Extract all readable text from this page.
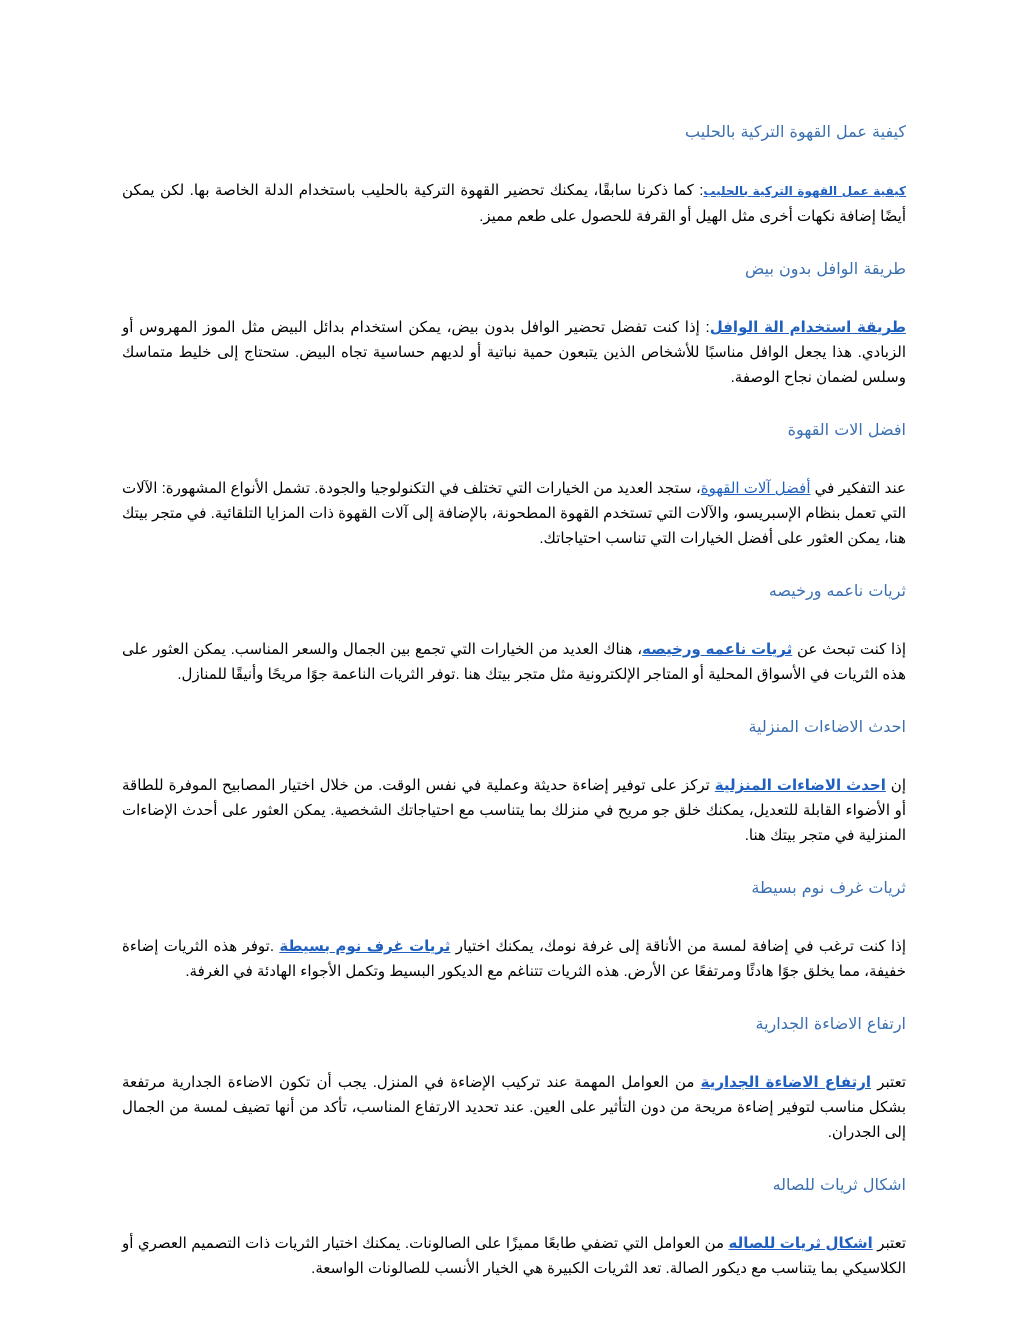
كيفية عمل القهوة التركية بالحليب

كيفية عمل القهوة التركية بالحليب: كما ذكرنا سابقًا، يمكنك تحضير القهوة التركية بالحليب باستخدام الدلة الخاصة بها. لكن يمكن أيضًا إضافة نكهات أخرى مثل الهيل أو القرفة للحصول على طعم مميز.

طريقة الوافل بدون بيض

طريقة استخدام الة الوافل: إذا كنت تفضل تحضير الوافل بدون بيض، يمكن استخدام بدائل البيض مثل الموز المهروس أو الزبادي. هذا يجعل الوافل مناسبًا للأشخاص الذين يتبعون حمية نباتية أو لديهم حساسية تجاه البيض. ستحتاج إلى خليط متماسك وسلس لضمان نجاح الوصفة.

افضل الات القهوة

عند التفكير في أفضل آلات القهوة، ستجد العديد من الخيارات التي تختلف في التكنولوجيا والجودة. تشمل الأنواع المشهورة: الآلات التي تعمل بنظام الإسبريسو، والآلات التي تستخدم القهوة المطحونة، بالإضافة إلى آلات القهوة ذات المزايا التلقائية. في متجر بيتك هنا، يمكن العثور على أفضل الخيارات التي تناسب احتياجاتك.

ثريات ناعمه ورخيصه

إذا كنت تبحث عن ثريات ناعمه ورخيصه، هناك العديد من الخيارات التي تجمع بين الجمال والسعر المناسب. يمكن العثور على هذه الثريات في الأسواق المحلية أو المتاجر الإلكترونية مثل متجر بيتك هنا .توفر الثريات الناعمة جوًا مريحًا وأنيقًا للمنازل.

احدث الاضاءات المنزلية

إن احدث الاضاءات المنزلية تركز على توفير إضاءة حديثة وعملية في نفس الوقت. من خلال اختيار المصابيح الموفرة للطاقة أو الأضواء القابلة للتعديل، يمكنك خلق جو مريح في منزلك بما يتناسب مع احتياجاتك الشخصية. يمكن العثور على أحدث الإضاءات المنزلية في متجر بيتك هنا.

ثريات غرف نوم بسيطة

إذا كنت ترغب في إضافة لمسة من الأناقة إلى غرفة نومك، يمكنك اختيار ثريات غرف نوم بسيطة .توفر هذه الثريات إضاءة خفيفة، مما يخلق جوًا هادئًا ومرتفعًا عن الأرض. هذه الثريات تتناغم مع الديكور البسيط وتكمل الأجواء الهادئة في الغرفة.

ارتفاع الاضاءة الجدارية

تعتبر ارتفاع الاضاءة الجدارية من العوامل المهمة عند تركيب الإضاءة في المنزل. يجب أن تكون الاضاءة الجدارية مرتفعة بشكل مناسب لتوفير إضاءة مريحة من دون التأثير على العين. عند تحديد الارتفاع المناسب، تأكد من أنها تضيف لمسة من الجمال إلى الجدران.

اشكال ثريات للصاله

تعتبر اشكال ثريات للصاله من العوامل التي تضفي طابعًا مميزًا على الصالونات. يمكنك اختيار الثريات ذات التصميم العصري أو الكلاسيكي بما يتناسب مع ديكور الصالة. تعد الثريات الكبيرة هي الخيار الأنسب للصالونات الواسعة.
